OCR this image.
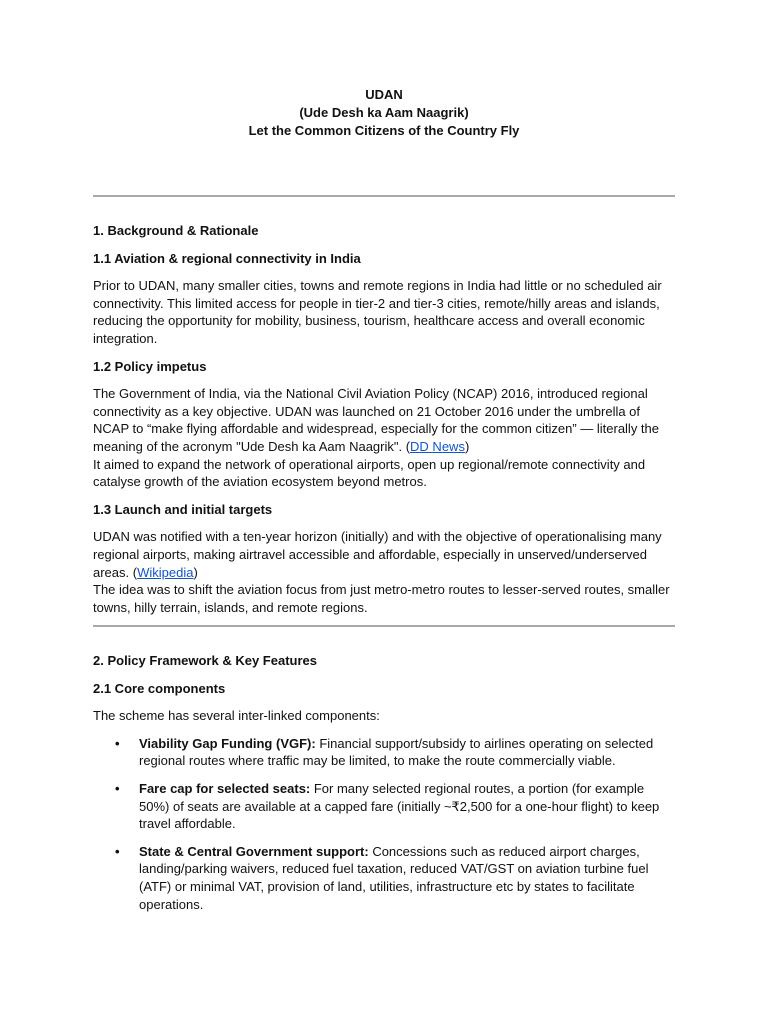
UDAN
(Ude Desh ka Aam Naagrik)
Let the Common Citizens of the Country Fly

1. Background & Rationale

1.1 Aviation & regional connectivity in India

Prior to UDAN, many smaller cities, towns and remote regions in India had little or no scheduled air connectivity. This limited access for people in tier-2 and tier-3 cities, remote/hilly areas and islands, reducing the opportunity for mobility, business, tourism, healthcare access and overall economic integration.

1.2 Policy impetus

The Government of India, via the National Civil Aviation Policy (NCAP) 2016, introduced regional connectivity as a key objective. UDAN was launched on 21 October 2016 under the umbrella of NCAP to “make flying affordable and widespread, especially for the common citizen” — literally the meaning of the acronym "Ude Desh ka Aam Naagrik". (DD News)

It aimed to expand the network of operational airports, open up regional/remote connectivity and catalyse growth of the aviation ecosystem beyond metros.

1.3 Launch and initial targets

UDAN was notified with a ten-year horizon (initially) and with the objective of operationalising many regional airports, making airtravel accessible and affordable, especially in unserved/underserved areas. (Wikipedia)

The idea was to shift the aviation focus from just metro-metro routes to lesser-served routes, smaller towns, hilly terrain, islands, and remote regions.

2. Policy Framework & Key Features

2.1 Core components

The scheme has several inter-linked components:

• Viability Gap Funding (VGF): Financial support/subsidy to airlines operating on selected regional routes where traffic may be limited, to make the route commercially viable.
• Fare cap for selected seats: For many selected regional routes, a portion (for example 50%) of seats are available at a capped fare (initially ~₹2,500 for a one-hour flight) to keep travel affordable.
• State & Central Government support: Concessions such as reduced airport charges, landing/parking waivers, reduced fuel taxation, reduced VAT/GST on aviation turbine fuel (ATF) or minimal VAT, provision of land, utilities, infrastructure etc by states to facilitate operations.
